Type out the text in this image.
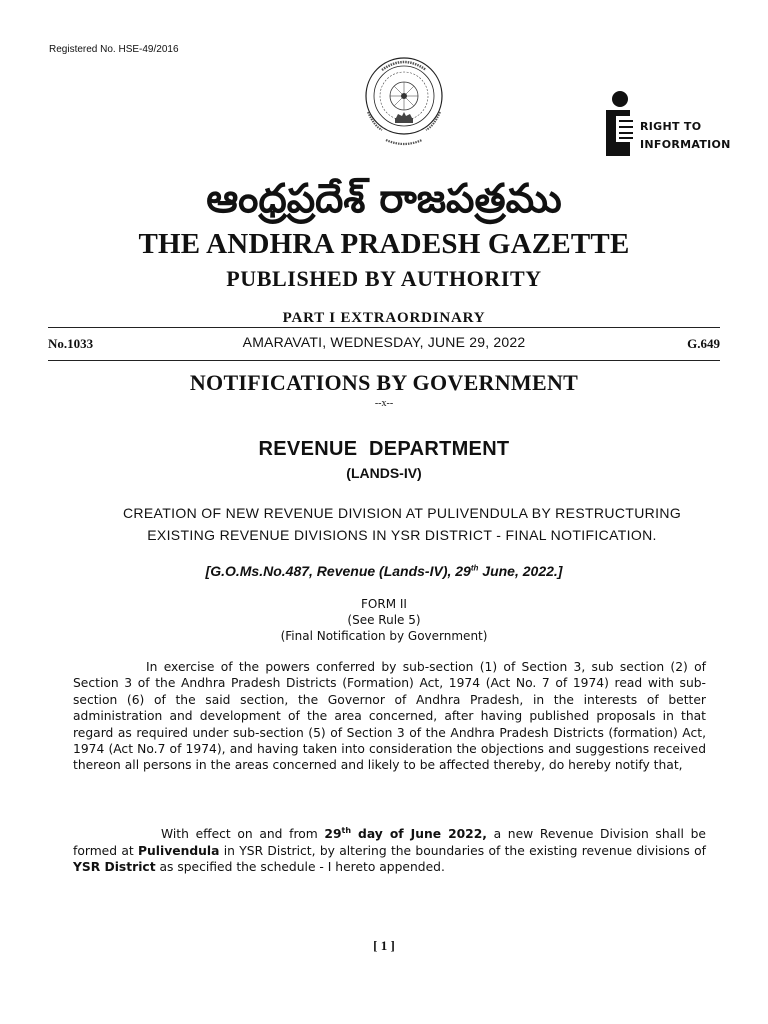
Registered No. HSE-49/2016
RIGHT TO
INFORMATION
ఆంధ్రప్రదేశ్ రాజపత్రము
THE ANDHRA PRADESH GAZETTE
PUBLISHED BY AUTHORITY
PART I EXTRAORDINARY
No.1033	AMARAVATI, WEDNESDAY, JUNE 29, 2022	G.649
NOTIFICATIONS BY GOVERNMENT
--x--
REVENUE  DEPARTMENT
(LANDS-IV)
CREATION OF NEW REVENUE DIVISION AT PULIVENDULA BY RESTRUCTURING
EXISTING REVENUE DIVISIONS IN YSR DISTRICT - FINAL NOTIFICATION.
[G.O.Ms.No.487, Revenue (Lands-IV), 29th June, 2022.]
FORM II
(See Rule 5)
(Final Notification by Government)
In exercise of the powers conferred by sub-section (1) of Section 3, sub section (2) of Section 3 of the Andhra Pradesh Districts (Formation) Act, 1974 (Act No. 7 of 1974) read with sub-section (6) of the said section, the Governor of Andhra Pradesh, in the interests of better administration and development of the area concerned, after having published proposals in that regard as required under sub-section (5) of Section 3 of the Andhra Pradesh Districts (formation) Act, 1974 (Act No.7 of 1974), and having taken into consideration the objections and suggestions received thereon all persons in the areas concerned and likely to be affected thereby, do hereby notify that,
With effect on and from 29th day of June 2022, a new Revenue Division shall be formed at Pulivendula in YSR District, by altering the boundaries of the existing revenue divisions of YSR District as specified the schedule - I hereto appended.
[ 1 ]
